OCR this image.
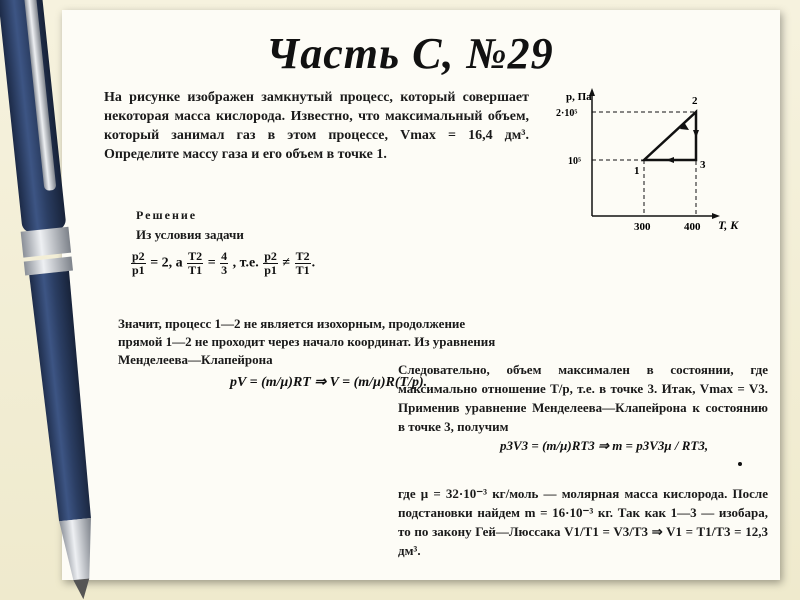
Часть С, №29
На рисунке изображен замкнутый процесс, который совершает некоторая масса кислорода. Известно, что максимальный объем, который занимал газ в этом процессе, Vmax = 16,4 дм³. Определите массу газа и его объем в точке 1.
p, Па
T, K
2·10⁵
10⁵
300	400
1
2
3
Решение
Из условия задачи
$\frac{p2}{p1} = 2$, а $\frac{T2}{T1} = \frac{4}{3}$ , т.е. $\frac{p2}{p1} \ne \frac{T2}{T1}$ .
Значит, процесс 1—2 не является изохорным, продолжение прямой 1—2 не проходит через начало координат. Из уравнения Менделеева—Клапейрона
pV = (m/μ)RT ⇒ V = (m/μ)R(T/p).
Следовательно, объем максимален в состоянии, где максимально отношение T/p, т.е. в точке 3. Итак, Vmax = V3. Применив уравнение Менделеева—Клапейрона к состоянию в точке 3, получим
p3V3 = (m/μ)RT3 ⇒ m = p3V3μ / RT3,
где μ = 32·10⁻³ кг/моль — молярная масса кислорода. После подстановки найдем m = 16·10⁻³ кг. Так как 1—3 — изобара, то по закону Гей—Люссака V1/T1 = V3/T3 ⇒ V1 = T1/T3 = 12,3 дм³.
